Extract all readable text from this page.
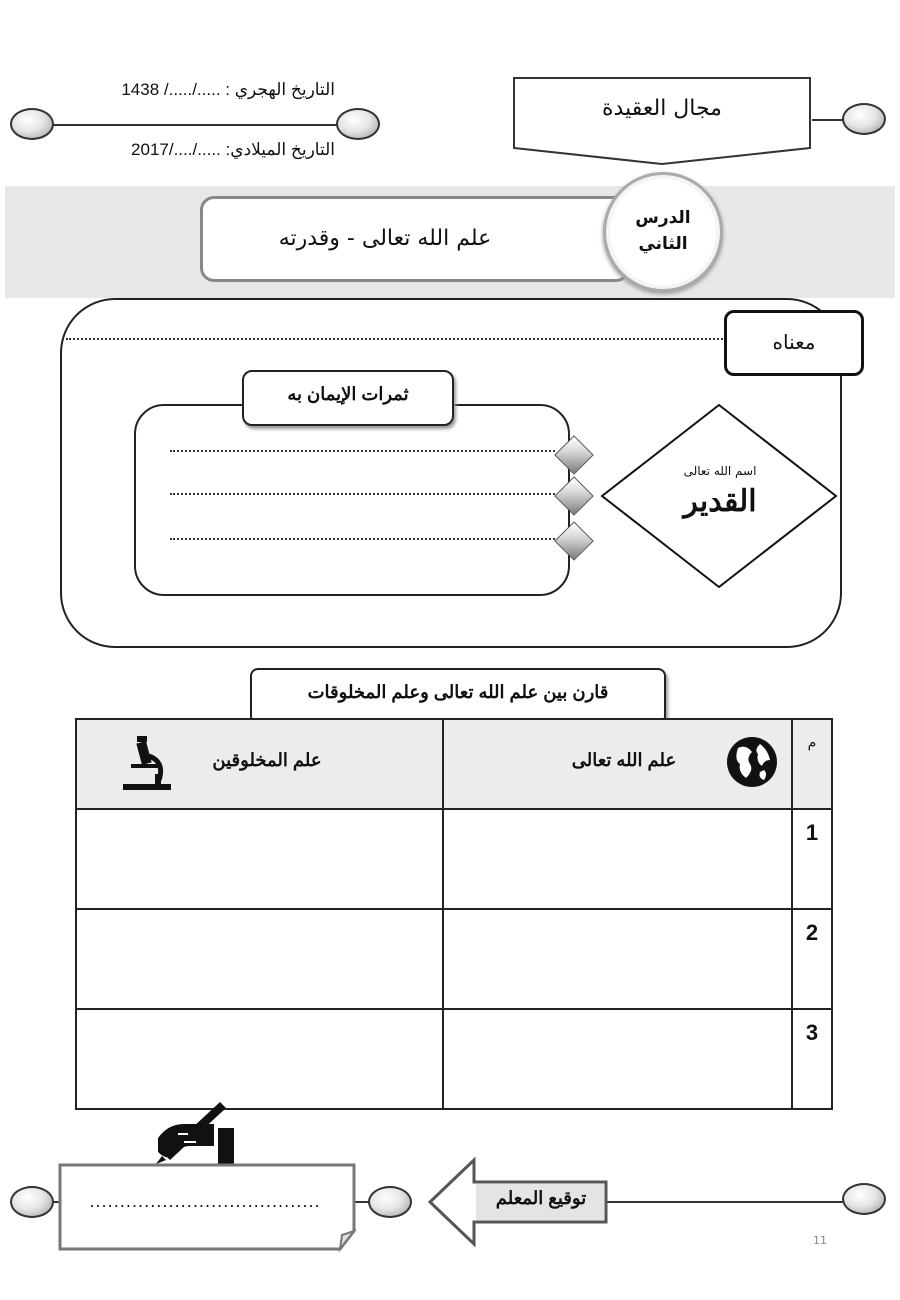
التاريخ الهجري : ...../...../ 1438
التاريخ الميلادي: ...../..../2017
مجال العقيدة
علم الله تعالى - وقدرته
الدرس
الثاني
معناه
ثمرات الإيمان به
اسم الله تعالى
القدير
قارن بين علم الله تعالى وعلم المخلوقات
علم المخلوقين	علم الله تعالى	م

		1
		2
		3
......................................	توقيع المعلم
11
